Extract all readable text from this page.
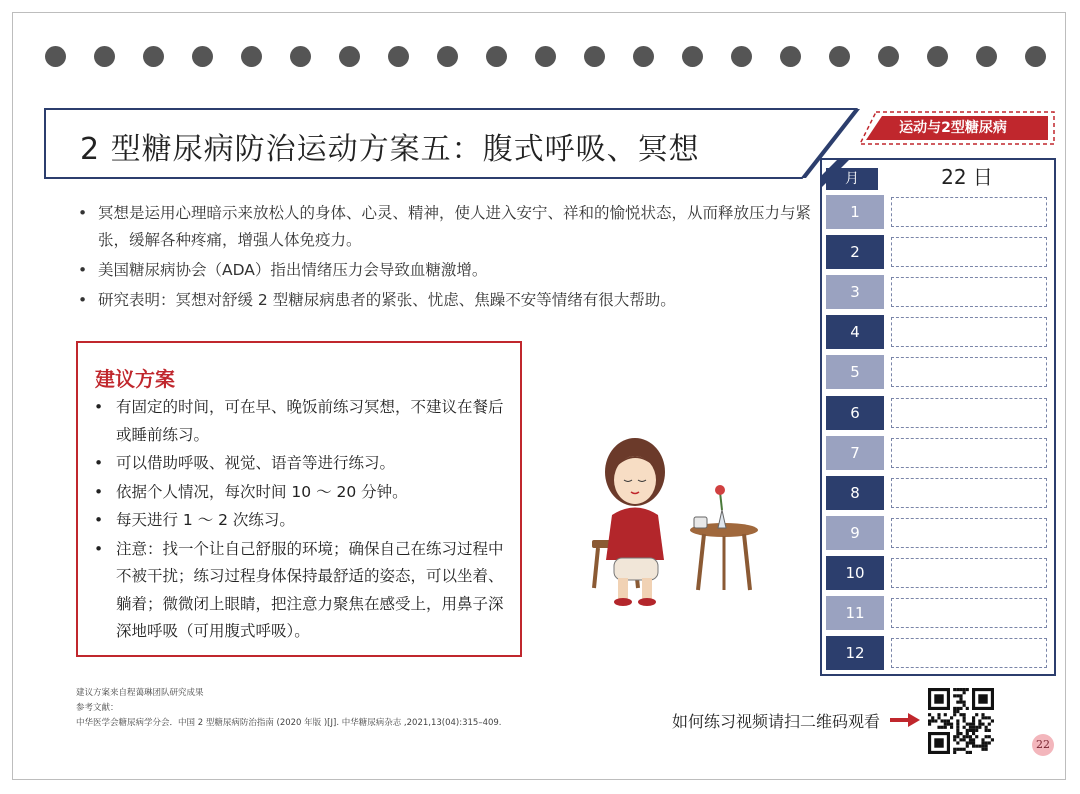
2 型糖尿病防治运动方案五：腹式呼吸、冥想
运动与2型糖尿病
• 冥想是运用心理暗示来放松人的身体、心灵、精神，使人进入安宁、祥和的愉悦状态，从而释放压力与紧张，缓解各种疼痛，增强人体免疫力。
• 美国糖尿病协会（ADA）指出情绪压力会导致血糖激增。
• 研究表明：冥想对舒缓 2 型糖尿病患者的紧张、忧虑、焦躁不安等情绪有很大帮助。
建议方案
• 有固定的时间，可在早、晚饭前练习冥想，不建议在餐后或睡前练习。
• 可以借助呼吸、视觉、语音等进行练习。
• 依据个人情况，每次时间 10 ～ 20 分钟。
• 每天进行 1 ～ 2 次练习。
• 注意：找一个让自己舒服的环境；确保自己在练习过程中不被干扰；练习过程身体保持最舒适的姿态，可以坐着、躺着；微微闭上眼睛，把注意力聚焦在感受上，用鼻子深深地呼吸（可用腹式呼吸）。
月	22 日
1
2
3
4
5
6
7
8
9
10
11
12
建议方案来自程蔼琳团队研究成果
参考文献：
中华医学会糖尿病学分会．中国 2 型糖尿病防治指南 (2020 年版 )[J]. 中华糖尿病杂志 ,2021,13(04):315–409.	如何练习视频请扫二维码观看
22
